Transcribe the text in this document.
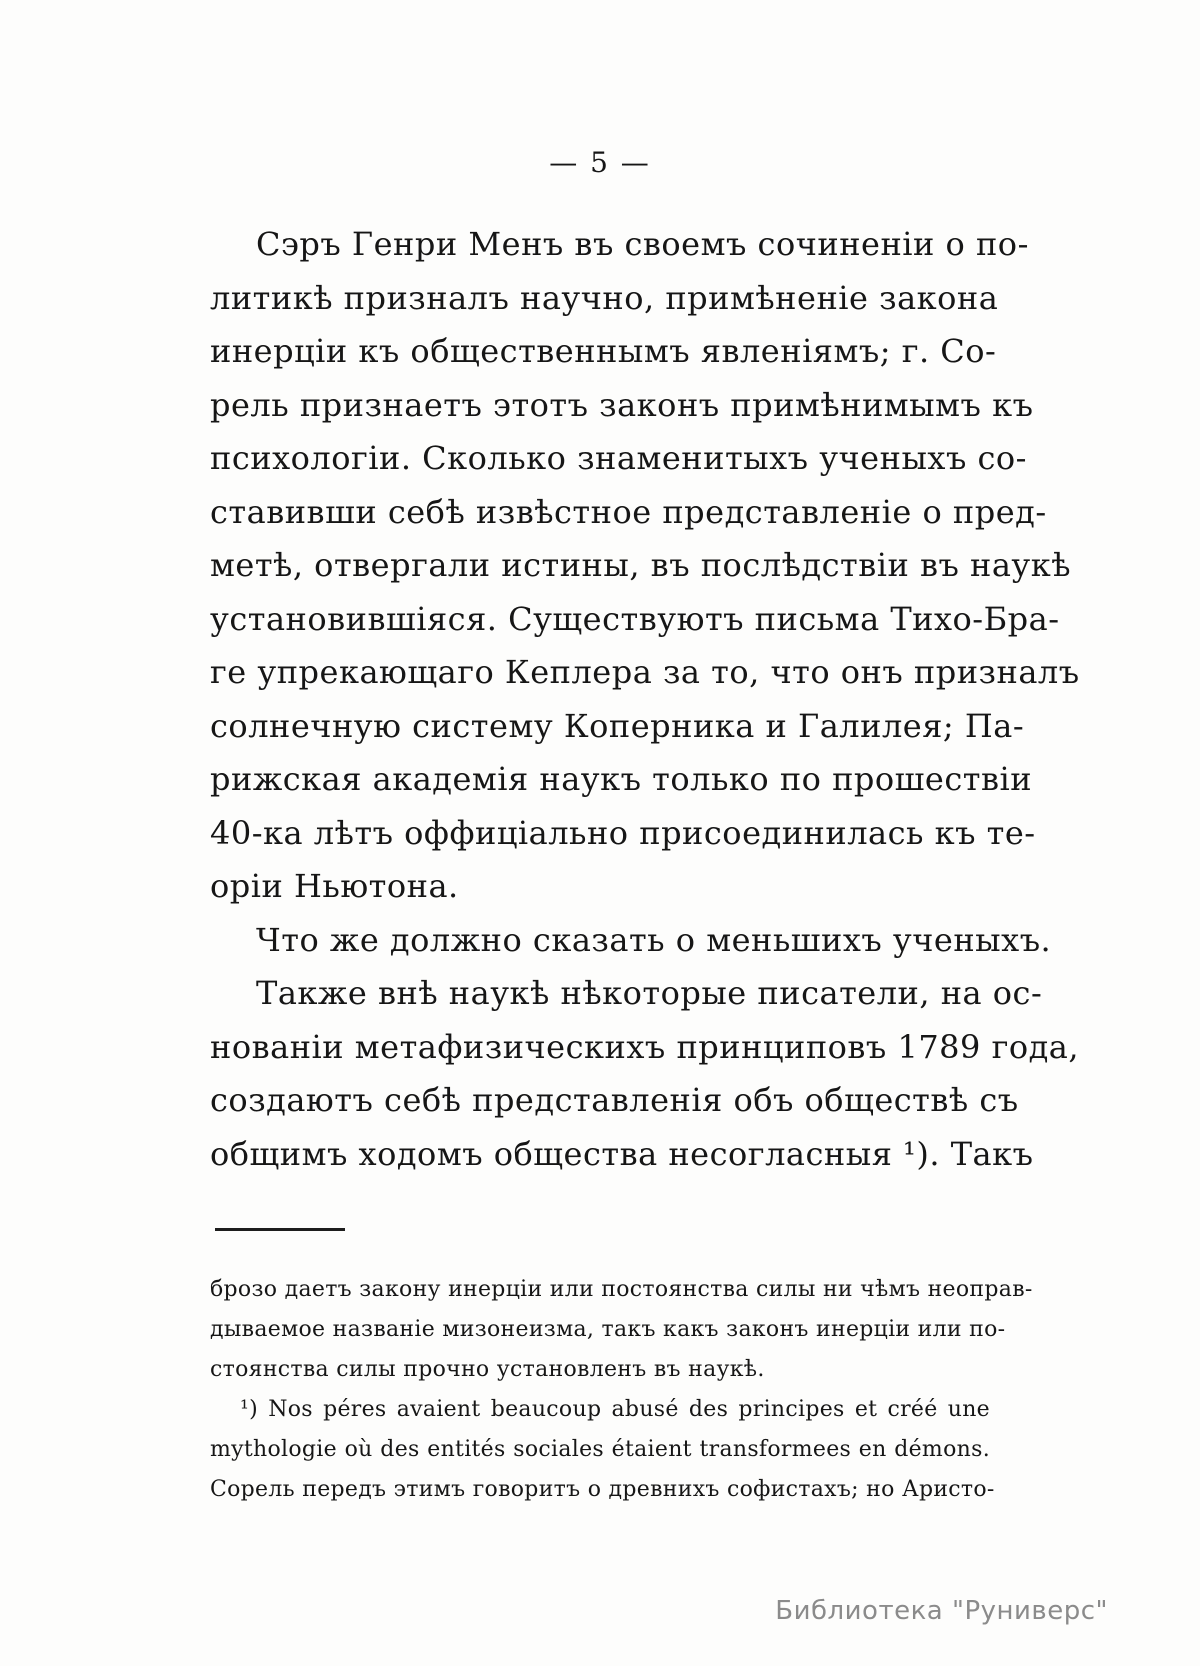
— 5 —
Сэръ Генри Менъ въ своемъ сочиненіи о по-
литикѣ призналъ научно, примѣненіе закона
инерціи къ общественнымъ явленіямъ; г. Со-
рель признаетъ этотъ законъ примѣнимымъ къ
психологіи. Сколько знаменитыхъ ученыхъ со-
ставивши себѣ извѣстное представленіе о пред-
метѣ, отвергали истины, въ послѣдствіи въ наукѣ
установившіяся. Существуютъ письма Тихо-Бра-
ге упрекающаго Кеплера за то, что онъ призналъ
солнечную систему Коперника и Галилея; Па-
рижская академія наукъ только по прошествіи
40-ка лѣтъ оффиціально присоединилась къ те-
оріи Ньютона.
Что же должно сказать о меньшихъ ученыхъ.
Также внѣ наукѣ нѣкоторые писатели, на ос-
нованіи метафизическихъ принциповъ 1789 года,
создаютъ себѣ представленія объ обществѣ съ
общимъ ходомъ общества несогласныя ¹). Такъ
брозо даетъ закону инерціи или постоянства силы ни чѣмъ неоправ-
дываемое названіе мизонеизма, такъ какъ законъ инерціи или по-
стоянства силы прочно установленъ въ наукѣ.
¹) Nos péres avaient beaucoup abusé des principes et créé une
mythologie où des entités sociales étaient transformees en démons.
Сорель передъ этимъ говоритъ о древнихъ софистахъ; но Аристо-
Библиотека "Руниверс"
